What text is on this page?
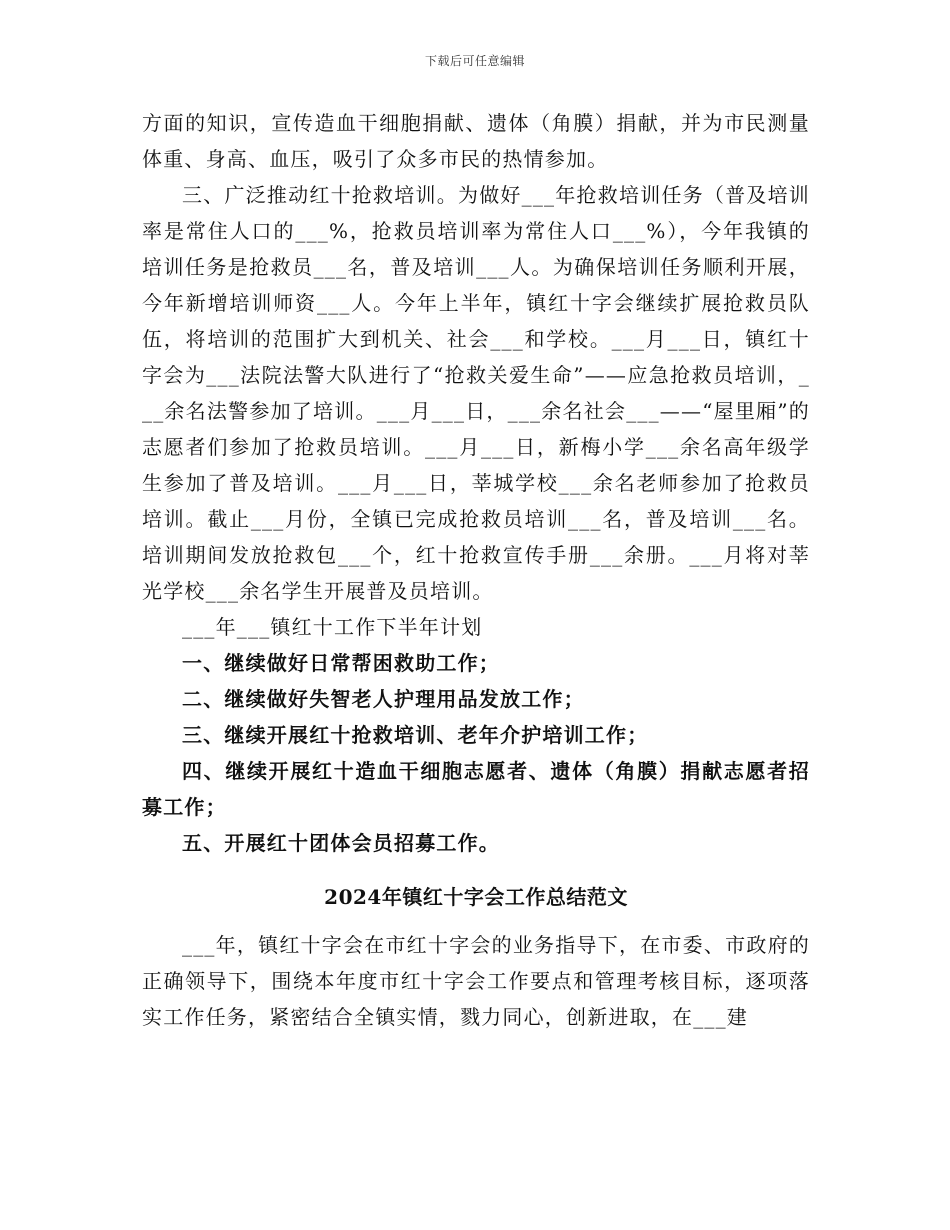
下载后可任意编辑

方面的知识，宣传造血干细胞捐献、遗体（角膜）捐献，并为市民测量体重、身高、血压，吸引了众多市民的热情参加。

三、广泛推动红十抢救培训。为做好___年抢救培训任务（普及培训率是常住人口的___%，抢救员培训率为常住人口___%），今年我镇的培训任务是抢救员___名，普及培训___人。为确保培训任务顺利开展，今年新增培训师资___人。今年上半年，镇红十字会继续扩展抢救员队伍，将培训的范围扩大到机关、社会___和学校。___月___日，镇红十字会为___法院法警大队进行了“抢救关爱生命”——应急抢救员培训，___余名法警参加了培训。___月___日，___余名社会___——“屋里厢”的志愿者们参加了抢救员培训。___月___日，新梅小学___余名高年级学生参加了普及培训。___月___日，莘城学校___余名老师参加了抢救员培训。截止___月份，全镇已完成抢救员培训___名，普及培训___名。培训期间发放抢救包___个，红十抢救宣传手册___余册。___月将对莘光学校___余名学生开展普及员培训。

___年___镇红十工作下半年计划

一、继续做好日常帮困救助工作；

二、继续做好失智老人护理用品发放工作；

三、继续开展红十抢救培训、老年介护培训工作；

四、继续开展红十造血干细胞志愿者、遗体（角膜）捐献志愿者招募工作；

五、开展红十团体会员招募工作。

2024年镇红十字会工作总结范文

___年，镇红十字会在市红十字会的业务指导下，在市委、市政府的正确领导下，围绕本年度市红十字会工作要点和管理考核目标，逐项落实工作任务，紧密结合全镇实情，戮力同心，创新进取，在___建
